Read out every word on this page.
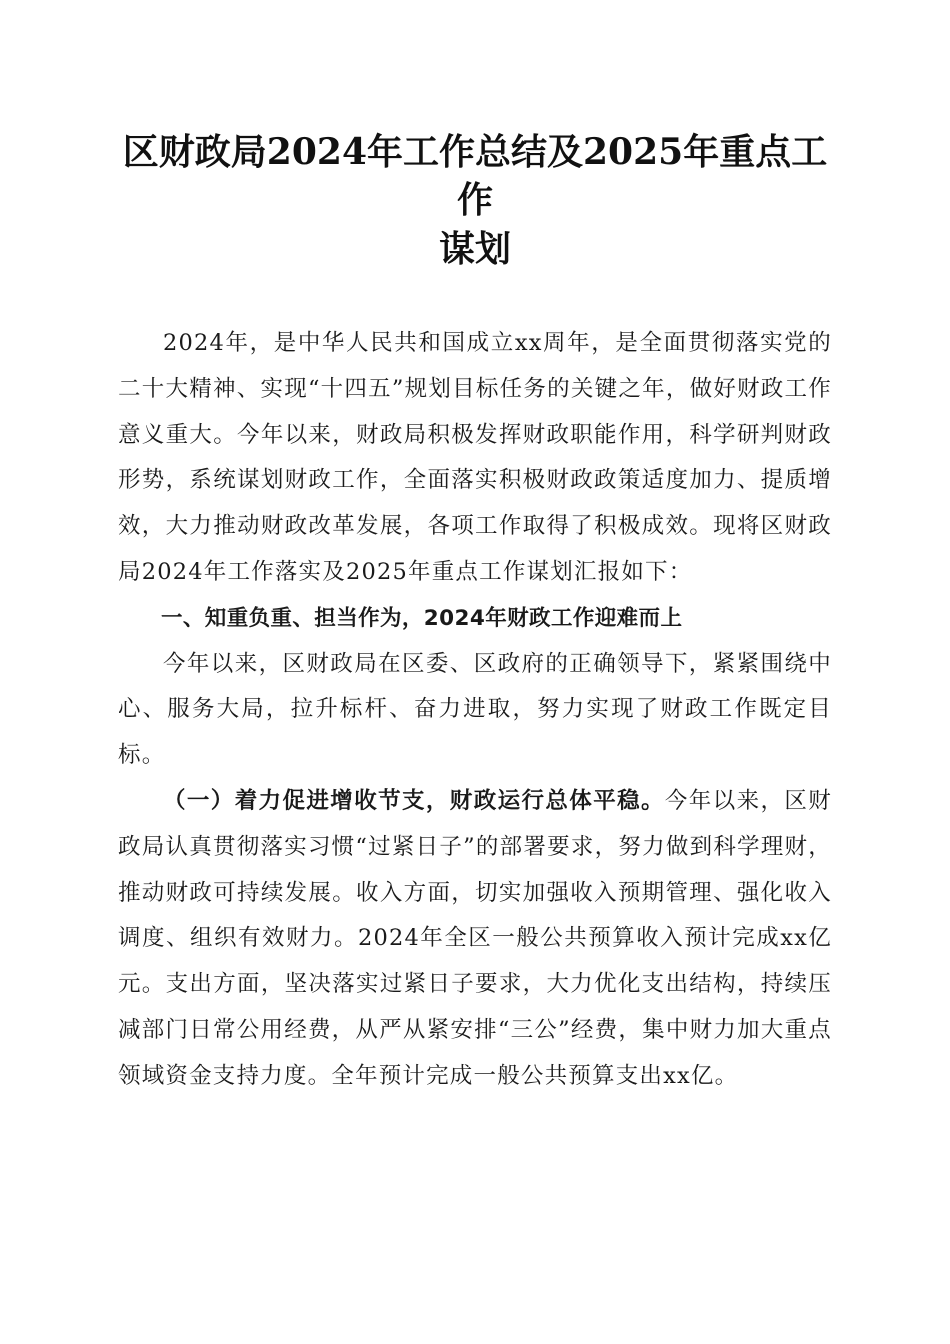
区财政局2024年工作总结及2025年重点工作
谋划

2024年，是中华人民共和国成立xx周年，是全面贯彻落实党的二十大精神、实现“十四五”规划目标任务的关键之年，做好财政工作意义重大。今年以来，财政局积极发挥财政职能作用，科学研判财政形势，系统谋划财政工作，全面落实积极财政政策适度加力、提质增效，大力推动财政改革发展，各项工作取得了积极成效。现将区财政局2024年工作落实及2025年重点工作谋划汇报如下：

一、知重负重、担当作为，2024年财政工作迎难而上

今年以来，区财政局在区委、区政府的正确领导下，紧紧围绕中心、服务大局，拉升标杆、奋力进取，努力实现了财政工作既定目标。

（一）着力促进增收节支，财政运行总体平稳。今年以来，区财政局认真贯彻落实习惯“过紧日子”的部署要求，努力做到科学理财，推动财政可持续发展。收入方面，切实加强收入预期管理、强化收入调度、组织有效财力。2024年全区一般公共预算收入预计完成xx亿元。支出方面，坚决落实过紧日子要求，大力优化支出结构，持续压减部门日常公用经费，从严从紧安排“三公”经费，集中财力加大重点领域资金支持力度。全年预计完成一般公共预算支出xx亿。
